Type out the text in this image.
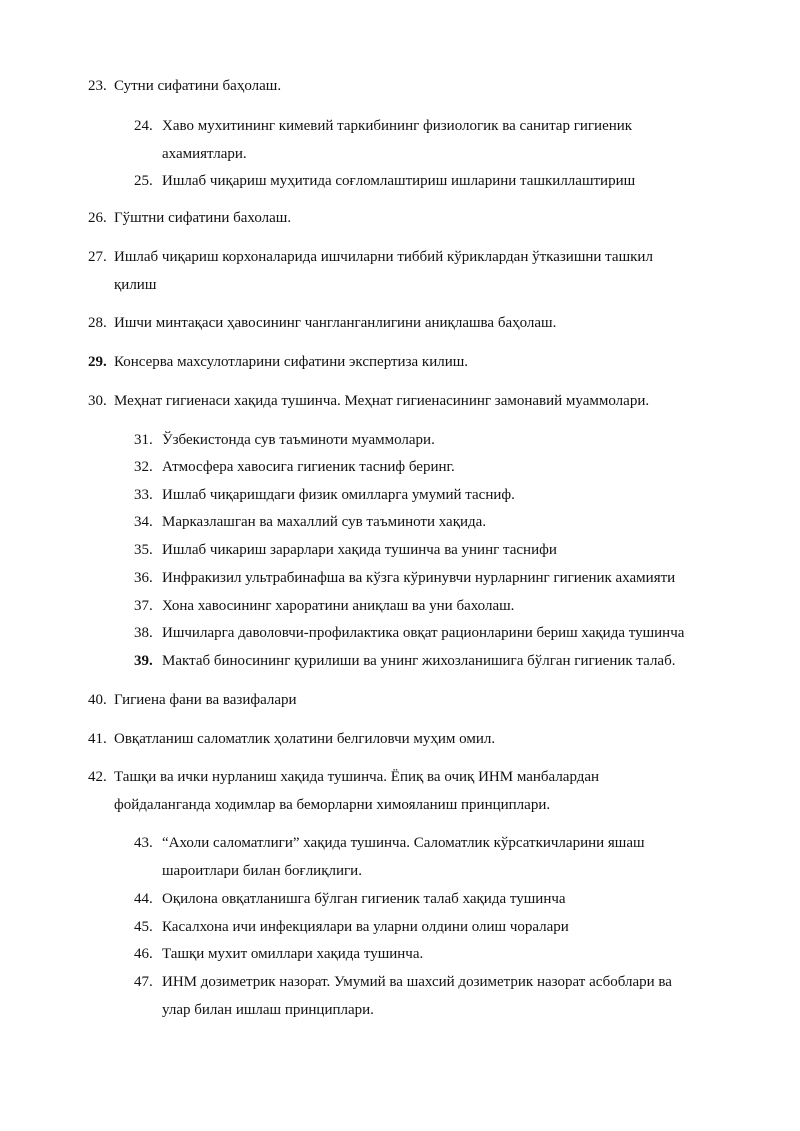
23. Сутни сифатини баҳолаш.
24. Хаво мухитининг кимевий таркибининг физиологик ва санитар гигиеник
ахамиятлари.
25. Ишлаб чиқариш муҳитида соғломлаштириш ишларини ташкиллаштириш
26. Гўштни сифатини бахолаш.
27. Ишлаб чиқариш корхоналарида ишчиларни тиббий кўриклардан ўтказишни ташкил
қилиш
28. Ишчи минтақаси ҳавосининг чангланганлигини аниқлашва баҳолаш.
29. Консерва махсулотларини сифатини экспертиза килиш.
30. Меҳнат гигиенаси хақида тушинча. Меҳнат гигиенасининг замонавий муаммолари.
31. Ўзбекистонда сув таъминоти муаммолари.
32. Атмосфера хавосига гигиеник тасниф беринг.
33. Ишлаб чиқаришдаги физик омилларга умумий тасниф.
34. Марказлашган ва махаллий сув таъминоти хақида.
35. Ишлаб чикариш зарарлари хақида тушинча ва унинг таснифи
36. Инфракизил ультрабинафша ва кўзга кўринувчи нурларнинг гигиеник ахамияти
37. Хона хавосининг хароратини аниқлаш ва уни бахолаш.
38. Ишчиларга даволовчи-профилактика овқат рационларини бериш хақида тушинча
39. Мактаб биносининг қурилиши ва унинг жихозланишига бўлган гигиеник талаб.
40. Гигиена фани ва вазифалари
41. Овқатланиш саломатлик ҳолатини белгиловчи муҳим омил.
42. Ташқи ва ички нурланиш хақида тушинча. Ёпиқ ва очиқ ИНМ манбалардан
фойдаланганда ходимлар ва беморларни химояланиш принциплари.
43. “Ахоли саломатлиги” хақида тушинча. Саломатлик кўрсаткичларини яшаш
шароитлари билан боғлиқлиги.
44. Оқилона овқатланишга бўлган гигиеник талаб хақида тушинча
45. Касалхона ичи инфекциялари ва уларни олдини олиш чоралари
46. Ташқи мухит омиллари хақида тушинча.
47. ИНМ дозиметрик назорат. Умумий ва шахсий дозиметрик назорат асбоблари ва
улар билан ишлаш принциплари.
